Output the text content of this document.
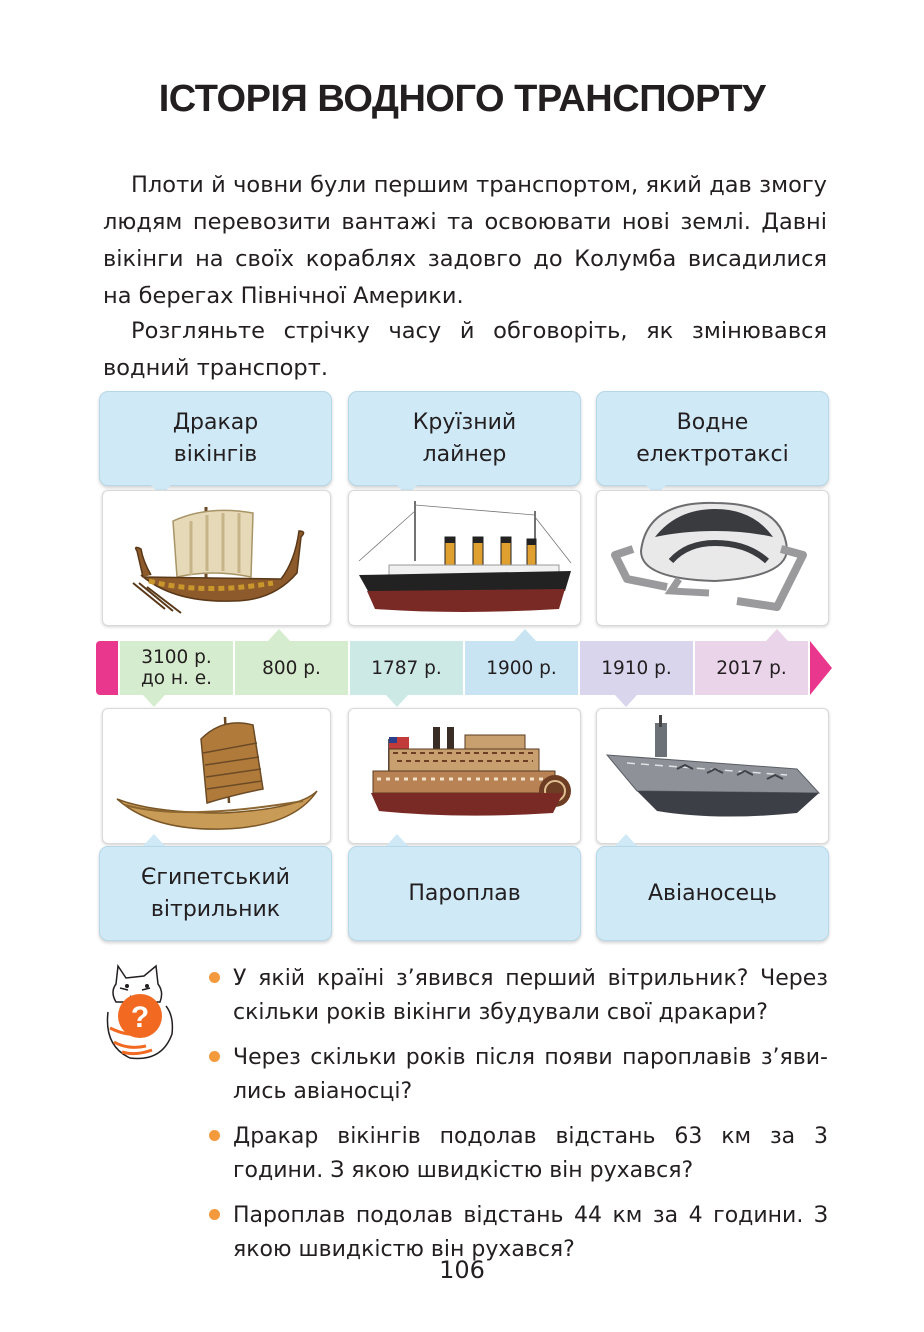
ІСТОРІЯ ВОДНОГО ТРАНСПОРТУ
Плоти й човни були першим транспортом, який дав змогу людям перевозити вантажі та освоювати нові землі. Давні вікінги на своїх кораблях задовго до Колумба висадилися на берегах Північної Америки.
Розгляньте стрічку часу й обговоріть, як змінювався водний транспорт.
Дракар вікінгів
Круїзний лайнер
Водне електротаксі
3100 р. до н. е.	800 р.	1787 р. 1900 р. 1910 р. 2017 р.
Єгипетський вітрильник
Пароплав	Авіаносець
?
У якій країні з’явився перший вітрильник? Через скільки років вікінги збудували свої дракари?
Через скільки років після появи пароплавів з’явились авіаносці?
Дракар вікінгів подолав відстань 63 км за 3 години. З якою швидкістю він рухався?
Пароплав подолав відстань 44 км за 4 години. З якою швидкістю він рухався?
106
